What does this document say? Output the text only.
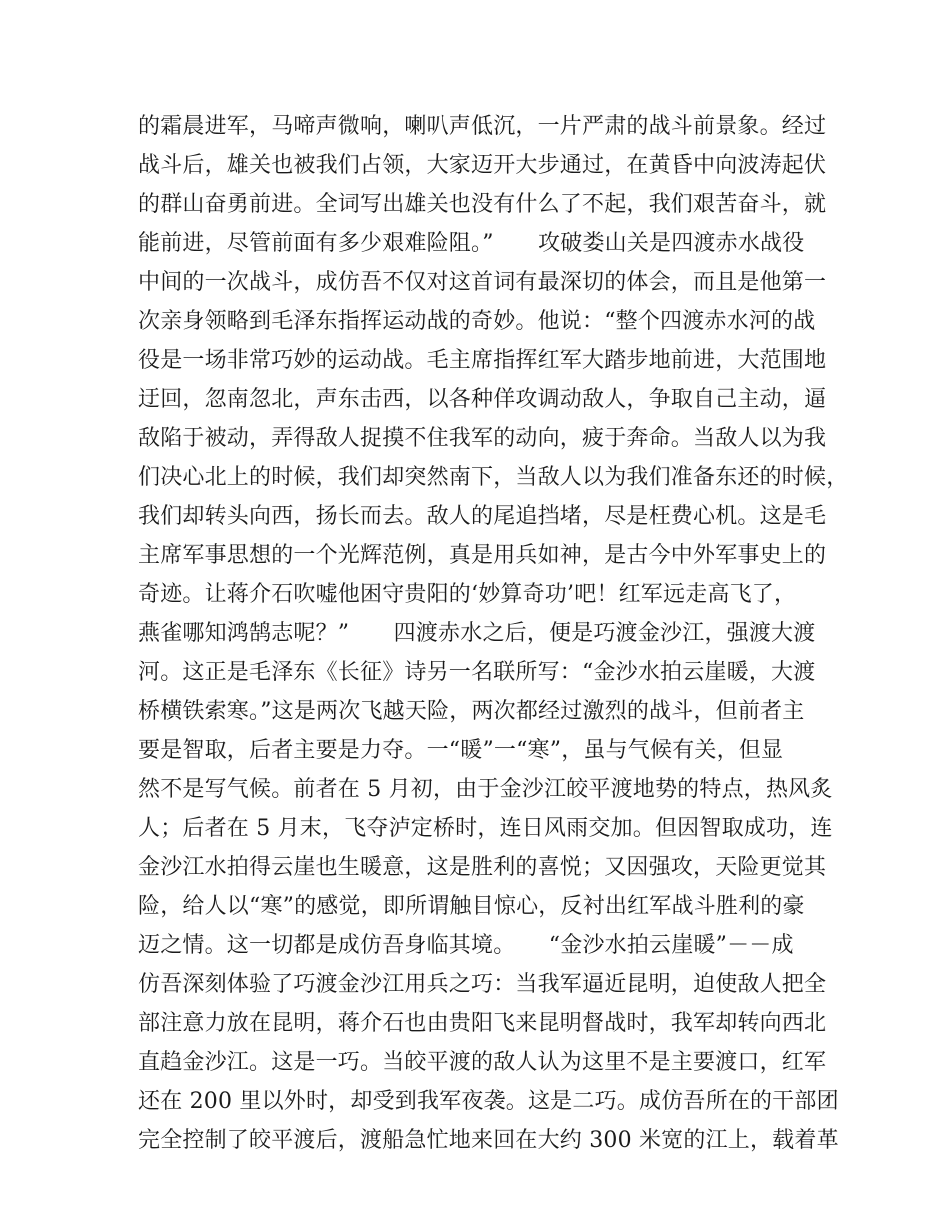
的霜晨进军，马啼声微响，喇叭声低沉，一片严肃的战斗前景象。经过
战斗后，雄关也被我们占领，大家迈开大步通过，在黄昏中向波涛起伏
的群山奋勇前进。全词写出雄关也没有什么了不起，我们艰苦奋斗，就
能前进，尽管前面有多少艰难险阻。”　　攻破娄山关是四渡赤水战役
中间的一次战斗，成仿吾不仅对这首词有最深切的体会，而且是他第一
次亲身领略到毛泽东指挥运动战的奇妙。他说：“整个四渡赤水河的战
役是一场非常巧妙的运动战。毛主席指挥红军大踏步地前进，大范围地
迂回，忽南忽北，声东击西，以各种佯攻调动敌人，争取自己主动，逼
敌陷于被动，弄得敌人捉摸不住我军的动向，疲于奔命。当敌人以为我
们决心北上的时候，我们却突然南下，当敌人以为我们准备东还的时候，
我们却转头向西，扬长而去。敌人的尾追挡堵，尽是枉费心机。这是毛
主席军事思想的一个光辉范例，真是用兵如神，是古今中外军事史上的
奇迹。让蒋介石吹嘘他困守贵阳的‘妙算奇功’吧！红军远走高飞了，
燕雀哪知鸿鹄志呢？”　　四渡赤水之后，便是巧渡金沙江，强渡大渡
河。这正是毛泽东《长征》诗另一名联所写：“金沙水拍云崖暖，大渡
桥横铁索寒。”这是两次飞越天险，两次都经过激烈的战斗，但前者主
要是智取，后者主要是力夺。一“暖”一“寒”，虽与气候有关，但显
然不是写气候。前者在 5 月初，由于金沙江皎平渡地势的特点，热风炙
人；后者在 5 月末，飞夺泸定桥时，连日风雨交加。但因智取成功，连
金沙江水拍得云崖也生暖意，这是胜利的喜悦；又因强攻，天险更觉其
险，给人以“寒”的感觉，即所谓触目惊心，反衬出红军战斗胜利的豪
迈之情。这一切都是成仿吾身临其境。　　“金沙水拍云崖暖”－－成
仿吾深刻体验了巧渡金沙江用兵之巧：当我军逼近昆明，迫使敌人把全
部注意力放在昆明，蒋介石也由贵阳飞来昆明督战时，我军却转向西北
直趋金沙江。这是一巧。当皎平渡的敌人认为这里不是主要渡口，红军
还在 200 里以外时，却受到我军夜袭。这是二巧。成仿吾所在的干部团
完全控制了皎平渡后，渡船急忙地来回在大约 300 米宽的江上，载着革
